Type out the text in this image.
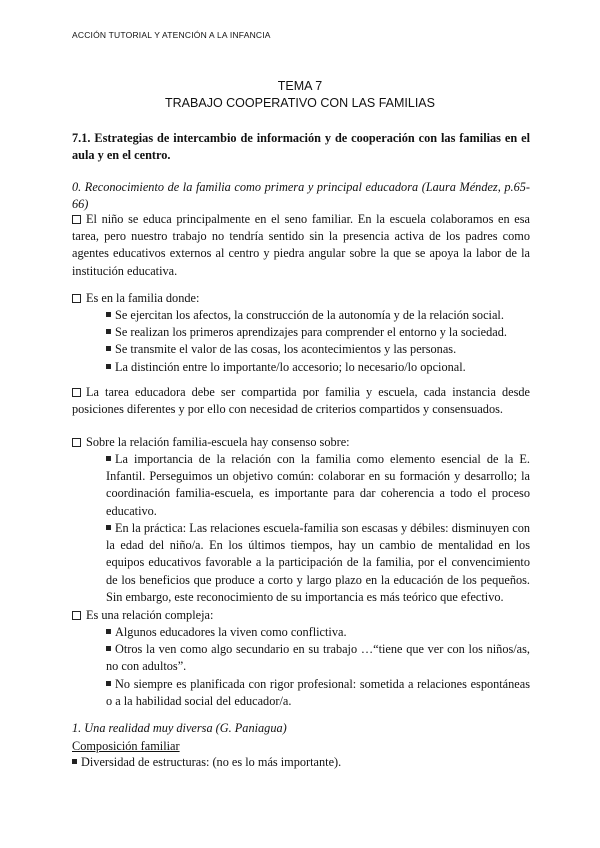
ACCIÓN TUTORIAL Y ATENCIÓN A LA INFANCIA
TEMA 7
TRABAJO COOPERATIVO CON LAS FAMILIAS
7.1. Estrategias de intercambio de información y de cooperación con las familias en el aula y en el centro.
0. Reconocimiento de la familia como primera y principal educadora (Laura Méndez, p.65-66)
El niño se educa principalmente en el seno familiar. En la escuela colaboramos en esa tarea, pero nuestro trabajo no tendría sentido sin la presencia activa de los padres como agentes educativos externos al centro y piedra angular sobre la que se apoya la labor de la institución educativa.
Es en la familia donde:
Se ejercitan los afectos, la construcción de la autonomía y de la relación social.
Se realizan los primeros aprendizajes para comprender el entorno y la sociedad.
Se transmite el valor de las cosas, los acontecimientos y las personas.
La distinción entre lo importante/lo accesorio; lo necesario/lo opcional.
La tarea educadora debe ser compartida por familia y escuela, cada instancia desde posiciones diferentes y por ello con necesidad de criterios compartidos y consensuados.
Sobre la relación familia-escuela hay consenso sobre:
La importancia de la relación con la familia como elemento esencial de la E. Infantil. Perseguimos un objetivo común: colaborar en su formación y desarrollo; la coordinación familia-escuela, es importante para dar coherencia a todo el proceso educativo.
En la práctica: Las relaciones escuela-familia son escasas y débiles: disminuyen con la edad del niño/a. En los últimos tiempos, hay un cambio de mentalidad en los equipos educativos favorable a la participación de la familia, por el convencimiento de los beneficios que produce a corto y largo plazo en la educación de los pequeños. Sin embargo, este reconocimiento de su importancia es más teórico que efectivo.
Es una relación compleja:
Algunos educadores la viven como conflictiva.
Otros la ven como algo secundario en su trabajo …“tiene que ver con los niños/as, no con adultos”.
No siempre es planificada con rigor profesional: sometida a relaciones espontáneas o a la habilidad social del educador/a.
1. Una realidad muy diversa (G. Paniagua)
Composición familiar
Diversidad de estructuras: (no es lo más importante).
